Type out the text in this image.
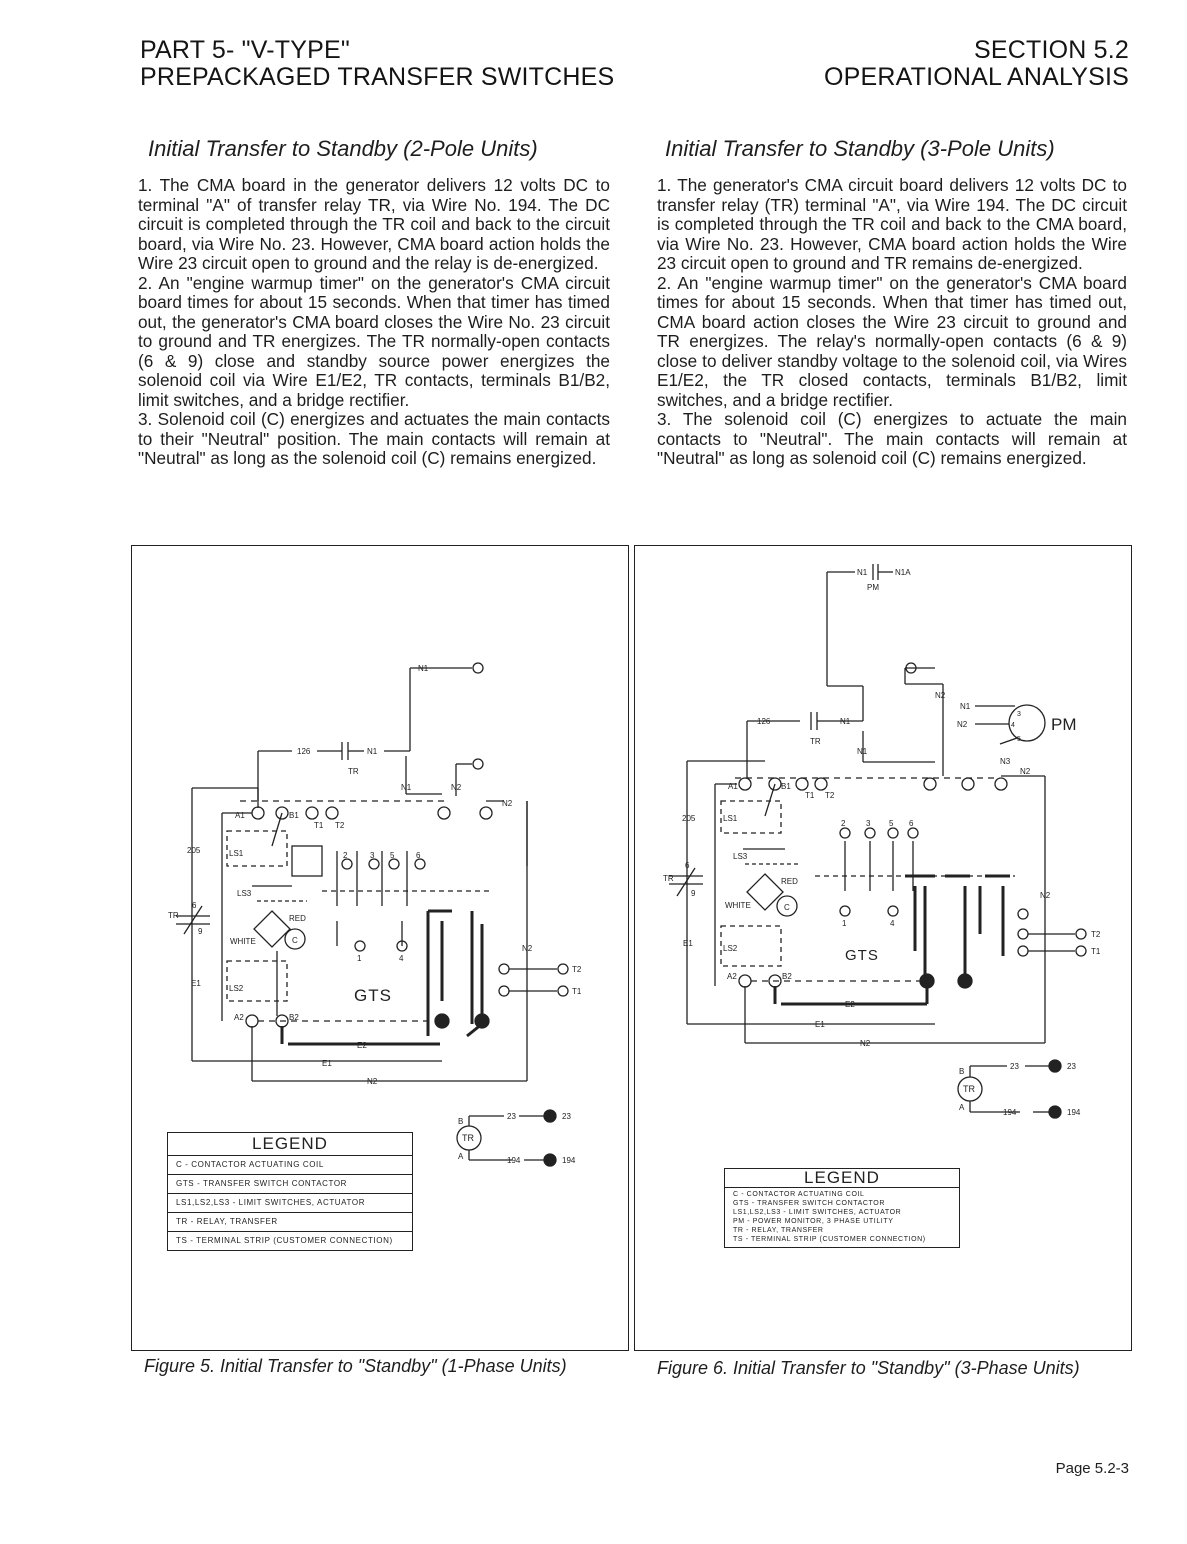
PART 5- "V-TYPE"
PREPACKAGED TRANSFER SWITCHES
SECTION 5.2
OPERATIONAL ANALYSIS
Initial Transfer to Standby (2-Pole Units)

1. The CMA board in the generator delivers 12 volts DC to terminal "A" of transfer relay TR, via Wire No. 194. The DC circuit is completed through the TR coil and back to the circuit board, via Wire No. 23. However, CMA board action holds the Wire 23 circuit open to ground and the relay is de-energized.

2. An "engine warmup timer" on the generator's CMA circuit board times for about 15 seconds. When that timer has timed out, the generator's CMA board closes the Wire No. 23 circuit to ground and TR energizes. The TR normally-open contacts (6 & 9) close and standby source power energizes the solenoid coil via Wire E1/E2, TR contacts, terminals B1/B2, limit switches, and a bridge rectifier.

3. Solenoid coil (C) energizes and actuates the main contacts to their "Neutral" position. The main contacts will remain at "Neutral" as long as the solenoid coil (C) remains energized.

Initial Transfer to Standby (3-Pole Units)

1. The generator's CMA circuit board delivers 12 volts DC to transfer relay (TR) terminal "A", via Wire 194. The DC circuit is completed through the TR coil and back to the CMA board, via Wire No. 23. However, CMA board action holds the Wire 23 circuit open to ground and TR remains de-energized.

2. An "engine warmup timer" on the generator's CMA board times for about 15 seconds. When that timer has timed out, CMA board action closes the Wire 23 circuit to ground and TR energizes. The relay's normally-open contacts (6 & 9) close to deliver standby voltage to the solenoid coil, via Wires E1/E2, the TR closed contacts, terminals B1/B2, limit switches, and a bridge rectifier.

3. The solenoid coil (C) energizes to actuate the main contacts to "Neutral". The main contacts will remain at "Neutral" as long as solenoid coil (C) remains energized.

N1
126	N1
TR
N1	N2
N2
A1	B1
T1 T2
205	LS1
LS3
RED
WHITE	C
LS2
A2	B2
E2
E1
N2
E1
TR
6
9
2	3 5	6
1	4
N2
T2
T1
23	23
194	194
B
A
TR
GTS
LEGEND
C - CONTACTOR ACTUATING COIL
GTS - TRANSFER SWITCH CONTACTOR
LS1,LS2,LS3 - LIMIT SWITCHES, ACTUATOR
TR - RELAY, TRANSFER
TS - TERMINAL STRIP (CUSTOMER CONNECTION)
Figure 5. Initial Transfer to "Standby" (1-Phase Units)
N1	N1A
PM
N2
N1
N2
N3
126	N1
TR
N1
N2
A1	B1
T1 T2
205	LS1
LS3
RED
WHITE	C
LS2
A2	B2
E2
E1
N2
E1
TR
6
9
2	3 5 6
1	4
N2
T2
T1
23	23
194	194
B
A
TR
3
4
5
PM
GTS
LEGEND
C - CONTACTOR ACTUATING COIL
GTS - TRANSFER SWITCH CONTACTOR
LS1,LS2,LS3 - LIMIT SWITCHES, ACTUATOR
PM - POWER MONITOR, 3 PHASE UTILITY
TR - RELAY, TRANSFER
TS - TERMINAL STRIP (CUSTOMER CONNECTION)
Figure 6. Initial Transfer to "Standby" (3-Phase Units)
Page 5.2-3
